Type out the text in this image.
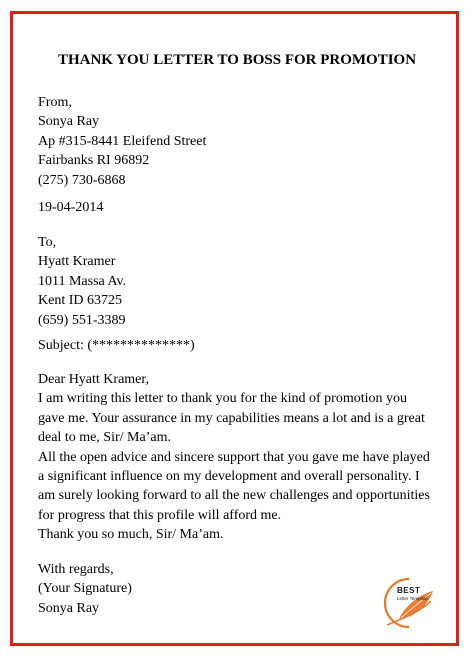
THANK YOU LETTER TO BOSS FOR PROMOTION
From,
Sonya Ray
Ap #315-8441 Eleifend Street
Fairbanks RI 96892
(275) 730-6868
19-04-2014
To,
Hyatt Kramer
1011 Massa Av.
Kent ID 63725
(659) 551-3389
Subject: (**************)
Dear Hyatt Kramer,
I am writing this letter to thank you for the kind of promotion you gave me. Your assurance in my capabilities means a lot and is a great deal to me, Sir/ Ma’am.
All the open advice and sincere support that you gave me have played a significant influence on my development and overall personality. I am surely looking forward to all the new challenges and opportunities for progress that this profile will afford me.
Thank you so much, Sir/ Ma’am.
With regards,
(Your Signature)
Sonya Ray
BEST
Letter Template
